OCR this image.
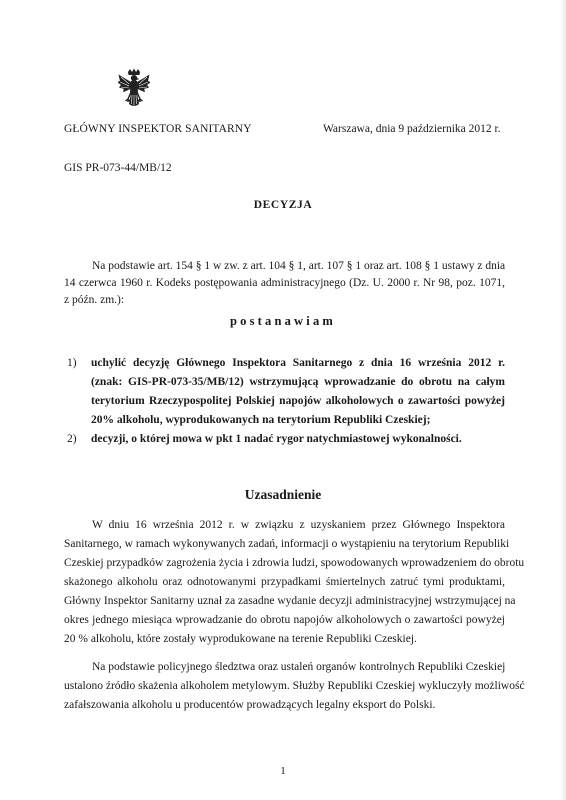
GŁÓWNY INSPEKTOR SANITARNY	Warszawa, dnia 9 października 2012 r.
GIS PR-073-44/MB/12
DECYZJA
Na podstawie art. 154 § 1 w zw. z art. 104 § 1, art. 107 § 1 oraz art. 108 § 1 ustawy z dnia
14 czerwca 1960 r. Kodeks postępowania administracyjnego (Dz. U. 2000 r. Nr 98, poz. 1071,
z późn. zm.):
postanawiam
1) uchylić decyzję Głównego Inspektora Sanitarnego z dnia 16 września 2012 r.
(znak: GIS-PR-073-35/MB/12) wstrzymującą wprowadzanie do obrotu na całym
terytorium Rzeczypospolitej Polskiej napojów alkoholowych o zawartości powyżej
20% alkoholu, wyprodukowanych na terytorium Republiki Czeskiej;
2) decyzji, o której mowa w pkt 1 nadać rygor natychmiastowej wykonalności.
Uzasadnienie
W dniu 16 września 2012 r. w związku z uzyskaniem przez Głównego Inspektora
Sanitarnego, w ramach wykonywanych zadań, informacji o wystąpieniu na terytorium Republiki
Czeskiej przypadków zagrożenia życia i zdrowia ludzi, spowodowanych wprowadzeniem do obrotu
skażonego alkoholu oraz odnotowanymi przypadkami śmiertelnych zatruć tymi produktami,
Główny Inspektor Sanitarny uznał za zasadne wydanie decyzji administracyjnej wstrzymującej na
okres jednego miesiąca wprowadzanie do obrotu napojów alkoholowych o zawartości powyżej
20 % alkoholu, które zostały wyprodukowane na terenie Republiki Czeskiej.
Na podstawie policyjnego śledztwa oraz ustaleń organów kontrolnych Republiki Czeskiej
ustalono źródło skażenia alkoholem metylowym. Służby Republiki Czeskiej wykluczyły możliwość
zafałszowania alkoholu u producentów prowadzących legalny eksport do Polski.
1
